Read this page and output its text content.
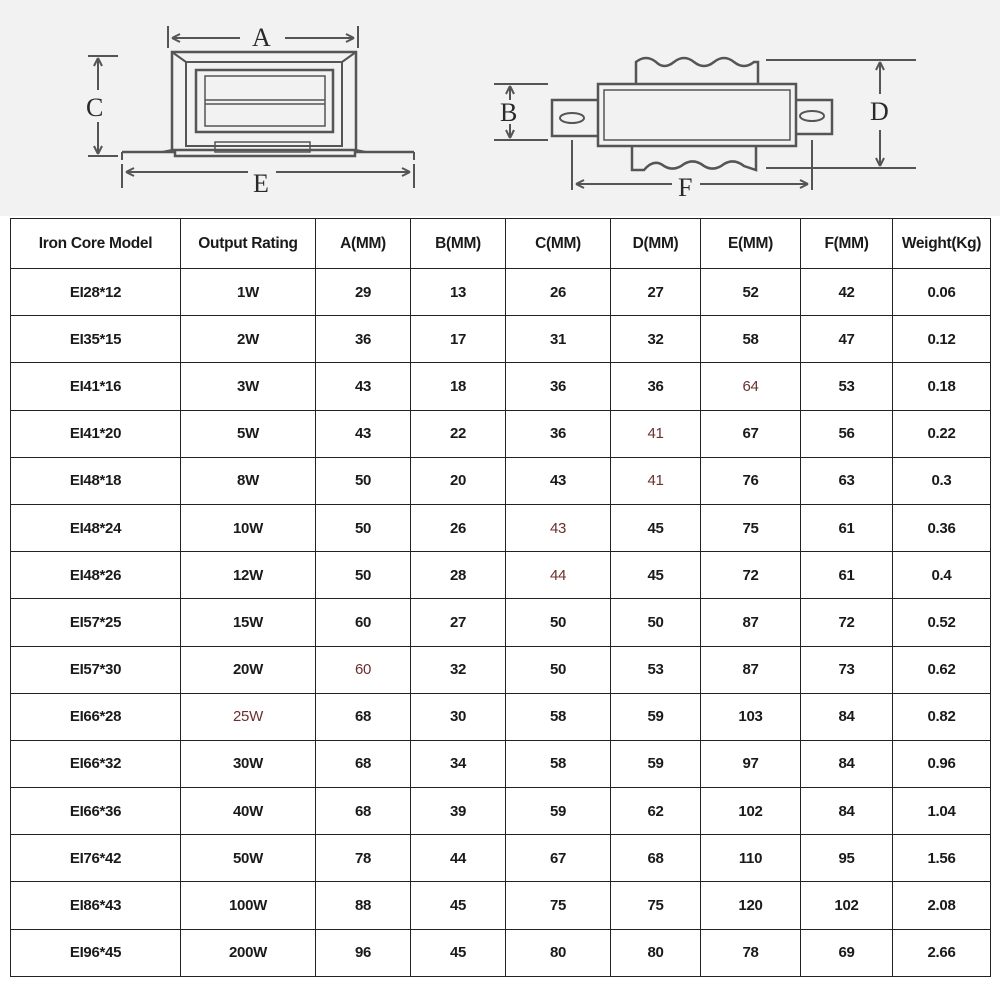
A
C
E
B	D
F
Iron Core Model	Output Rating	A(MM)	B(MM)	C(MM)	D(MM)	E(MM)	F(MM)	Weight(Kg)
EI28*12	1W	29	13	26	27	52	42	0.06
EI35*15	2W	36	17	31	32	58	47	0.12
EI41*16	3W	43	18	36	36	64	53	0.18
EI41*20	5W	43	22	36	41	67	56	0.22
EI48*18	8W	50	20	43	41	76	63	0.3
EI48*24	10W	50	26	43	45	75	61	0.36
EI48*26	12W	50	28	44	45	72	61	0.4
EI57*25	15W	60	27	50	50	87	72	0.52
EI57*30	20W	60	32	50	53	87	73	0.62
EI66*28	25W	68	30	58	59	103	84	0.82
EI66*32	30W	68	34	58	59	97	84	0.96
EI66*36	40W	68	39	59	62	102	84	1.04
EI76*42	50W	78	44	67	68	110	95	1.56
EI86*43	100W	88	45	75	75	120	102	2.08
EI96*45	200W	96	45	80	80	78	69	2.66
